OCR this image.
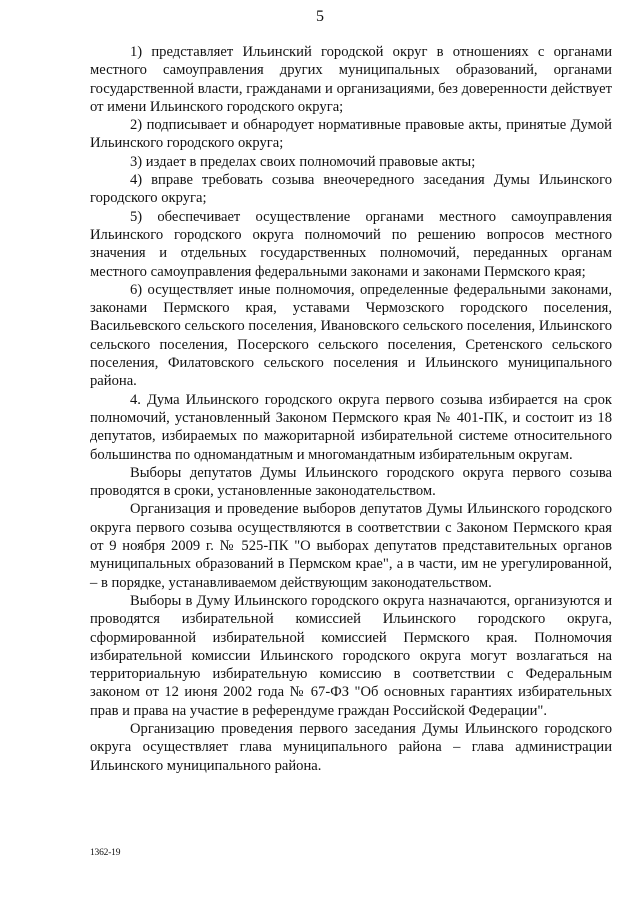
5

1) представляет Ильинский городской округ в отношениях с органами местного самоуправления других муниципальных образований, органами государственной власти, гражданами и организациями, без доверенности действует от имени Ильинского городского округа;

2) подписывает и обнародует нормативные правовые акты, принятые Думой Ильинского городского округа;

3) издает в пределах своих полномочий правовые акты;

4) вправе требовать созыва внеочередного заседания Думы Ильинского городского округа;

5) обеспечивает осуществление органами местного самоуправления Ильинского городского округа полномочий по решению вопросов местного значения и отдельных государственных полномочий, переданных органам местного самоуправления федеральными законами и законами Пермского края;

6) осуществляет иные полномочия, определенные федеральными законами, законами Пермского края, уставами Чермозского городского поселения, Васильевского сельского поселения, Ивановского сельского поселения, Ильинского сельского поселения, Посерского сельского поселения, Сретенского сельского поселения, Филатовского сельского поселения и Ильинского муниципального района.

4. Дума Ильинского городского округа первого созыва избирается на срок полномочий, установленный Законом Пермского края № 401-ПК, и состоит из 18 депутатов, избираемых по мажоритарной избирательной системе относительного большинства по одномандатным и многомандатным избирательным округам.

Выборы депутатов Думы Ильинского городского округа первого созыва проводятся в сроки, установленные законодательством.

Организация и проведение выборов депутатов Думы Ильинского городского округа первого созыва осуществляются в соответствии с Законом Пермского края от 9 ноября 2009 г. № 525-ПК "О выборах депутатов представительных органов муниципальных образований в Пермском крае", а в части, им не урегулированной, – в порядке, устанавливаемом действующим законодательством.

Выборы в Думу Ильинского городского округа назначаются, организуются и проводятся избирательной комиссией Ильинского городского округа, сформированной избирательной комиссией Пермского края. Полномочия избирательной комиссии Ильинского городского округа могут возлагаться на территориальную избирательную комиссию в соответствии с Федеральным законом от 12 июня 2002 года № 67-ФЗ "Об основных гарантиях избирательных прав и права на участие в референдуме граждан Российской Федерации".

Организацию проведения первого заседания Думы Ильинского городского округа осуществляет глава муниципального района – глава администрации Ильинского муниципального района.

1362-19
